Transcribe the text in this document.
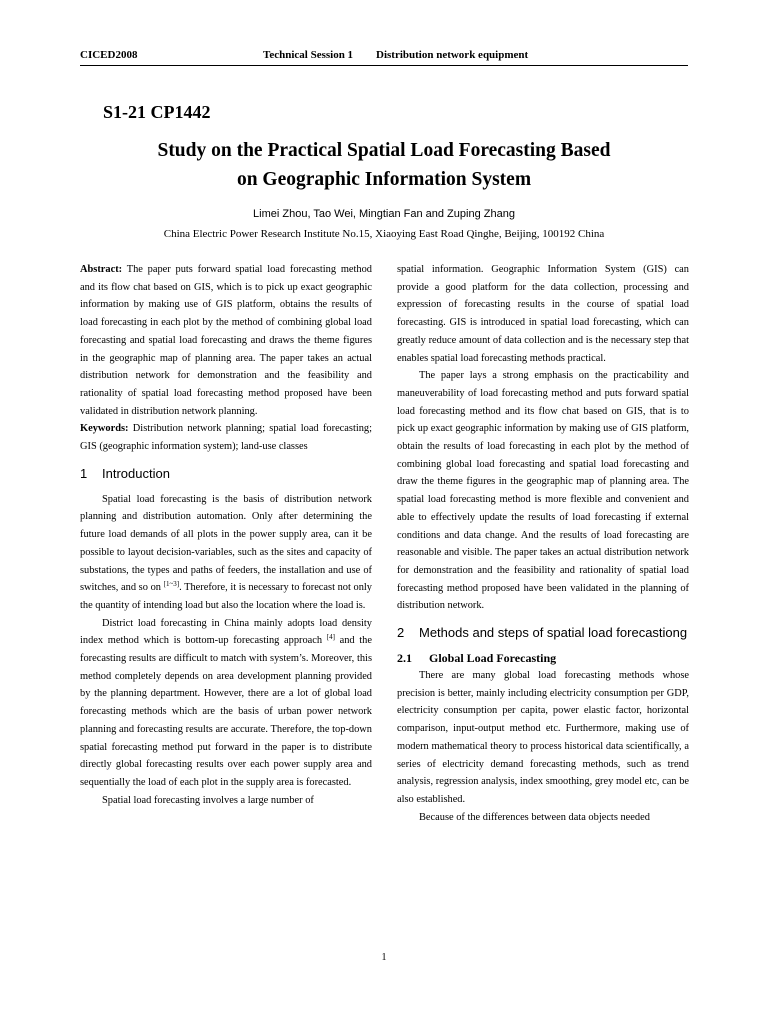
CICED2008	Technical Session 1 Distribution network equipment
S1-21 CP1442
Study on the Practical Spatial Load Forecasting Based
on Geographic Information System
Limei Zhou, Tao Wei, Mingtian Fan and Zuping Zhang
China Electric Power Research Institute No.15, Xiaoying East Road Qinghe, Beijing, 100192 China

Abstract: The paper puts forward spatial load forecasting method and its flow chat based on GIS, which is to pick up exact geographic information by making use of GIS platform, obtains the results of load forecasting in each plot by the method of combining global load forecasting and spatial load forecasting and draws the theme figures in the geographic map of planning area. The paper takes an actual distribution network for demonstration and the feasibility and rationality of spatial load forecasting method proposed have been validated in distribution network planning.

Keywords: Distribution network planning; spatial load forecasting; GIS (geographic information system); land-use classes

1	Introduction

Spatial load forecasting is the basis of distribution network planning and distribution automation. Only after determining the future load demands of all plots in the power supply area, can it be possible to layout decision-variables, such as the sites and capacity of substations, the types and paths of feeders, the installation and use of switches, and so on [1~3]. Therefore, it is necessary to forecast not only the quantity of intending load but also the location where the load is.

District load forecasting in China mainly adopts load density index method which is bottom-up forecasting approach [4] and the forecasting results are difficult to match with system’s. Moreover, this method completely depends on area development planning provided by the planning department. However, there are a lot of global load forecasting methods which are the basis of urban power network planning and forecasting results are accurate. Therefore, the top-down spatial forecasting method put forward in the paper is to distribute directly global forecasting results over each power supply area and sequentially the load of each plot in the supply area is forecasted.

Spatial load forecasting involves a large number of

spatial information. Geographic Information System (GIS) can provide a good platform for the data collection, processing and expression of forecasting results in the course of spatial load forecasting. GIS is introduced in spatial load forecasting, which can greatly reduce amount of data collection and is the necessary step that enables spatial load forecasting methods practical.

The paper lays a strong emphasis on the practicability and maneuverability of load forecasting method and puts forward spatial load forecasting method and its flow chat based on GIS, that is to pick up exact geographic information by making use of GIS platform, obtain the results of load forecasting in each plot by the method of combining global load forecasting and spatial load forecasting and draw the theme figures in the geographic map of planning area. The spatial load forecasting method is more flexible and convenient and able to effectively update the results of load forecasting if external conditions and data change. And the results of load forecasting are reasonable and visible. The paper takes an actual distribution network for demonstration and the feasibility and rationality of spatial load forecasting method proposed have been validated in the planning of distribution network.

2	Methods and steps of spatial load forecastiong
2.1	Global Load Forecasting

There are many global load forecasting methods whose precision is better, mainly including electricity consumption per GDP, electricity consumption per capita, power elastic factor, horizontal comparison, input-output method etc. Furthermore, making use of modern mathematical theory to process historical data scientifically, a series of electricity demand forecasting methods, such as trend analysis, regression analysis, index smoothing, grey model etc, can be also established.

Because of the differences between data objects needed

1
